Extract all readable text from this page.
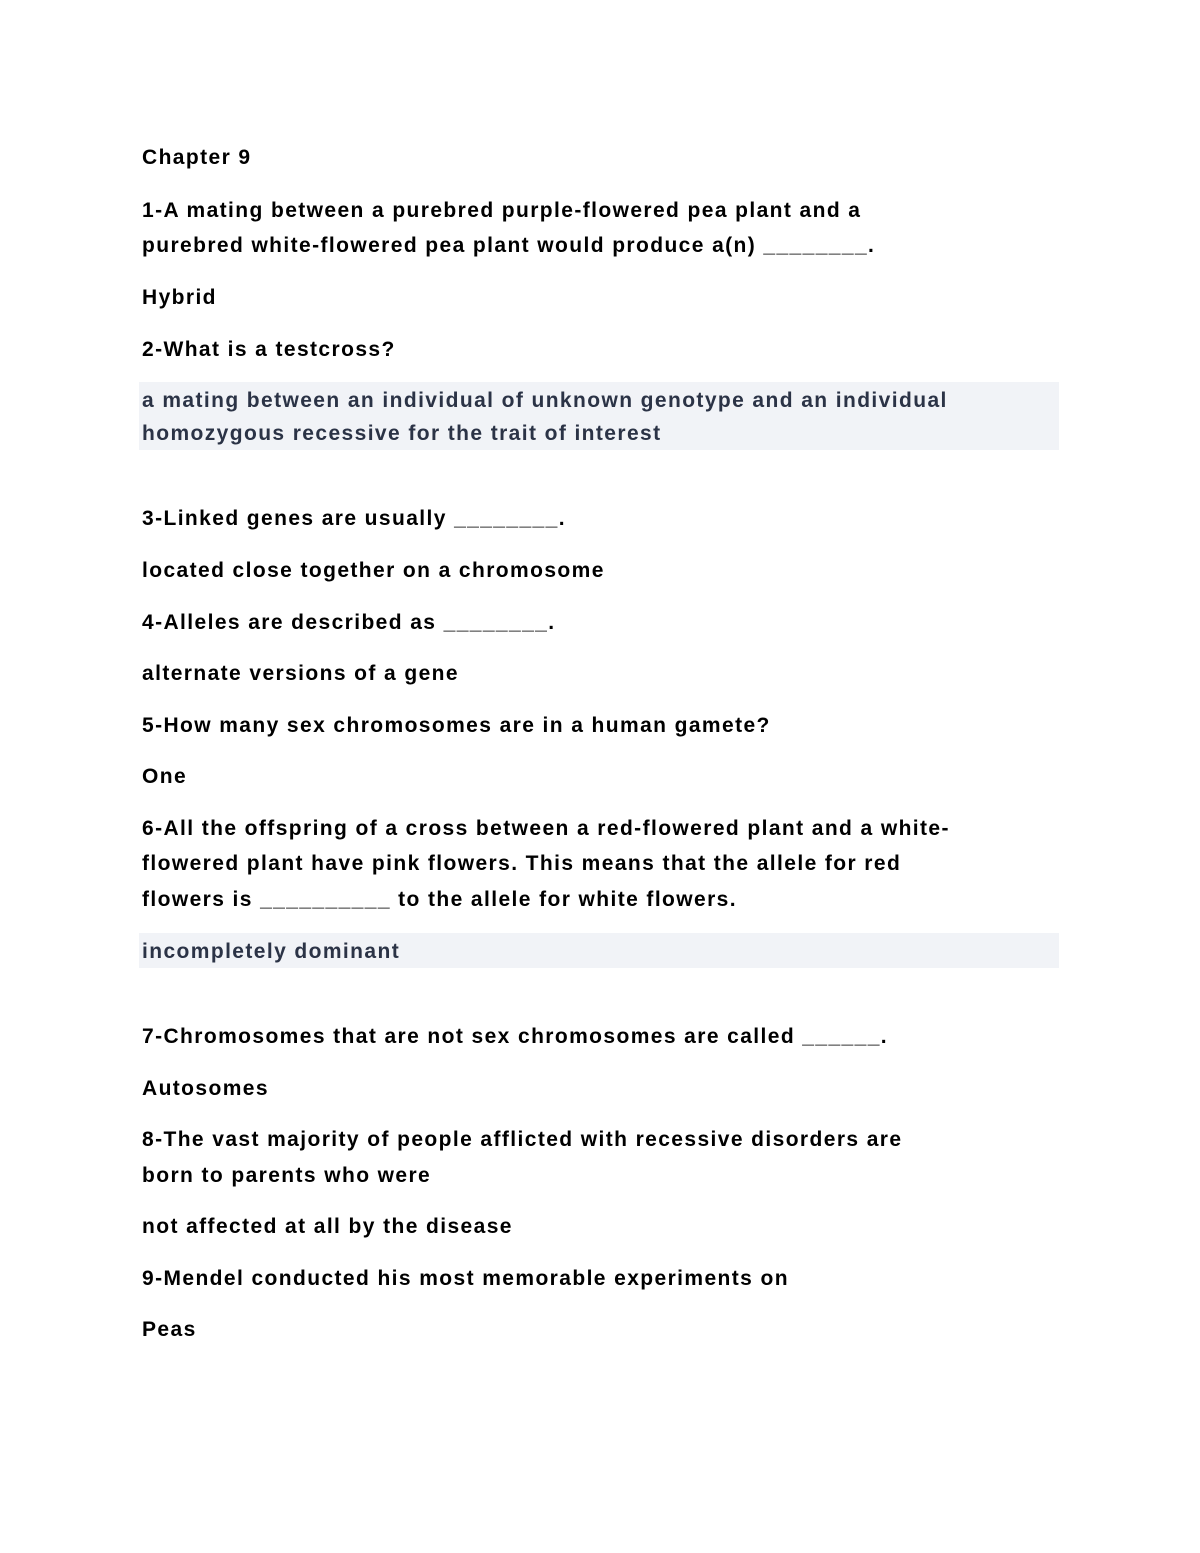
Chapter 9
1-A mating between a purebred purple-flowered pea plant and a
purebred white-flowered pea plant would produce a(n) ________.
Hybrid
2-What is a testcross?
a mating between an individual of unknown genotype and an individual
homozygous recessive for the trait of interest
3-Linked genes are usually ________.
located close together on a chromosome
4-Alleles are described as ________.
alternate versions of a gene
5-How many sex chromosomes are in a human gamete?
One
6-All the offspring of a cross between a red-flowered plant and a white-
flowered plant have pink flowers. This means that the allele for red
flowers is __________ to the allele for white flowers.
incompletely dominant
7-Chromosomes that are not sex chromosomes are called ______.
Autosomes
8-The vast majority of people afflicted with recessive disorders are
born to parents who were
not affected at all by the disease
9-Mendel conducted his most memorable experiments on
Peas
